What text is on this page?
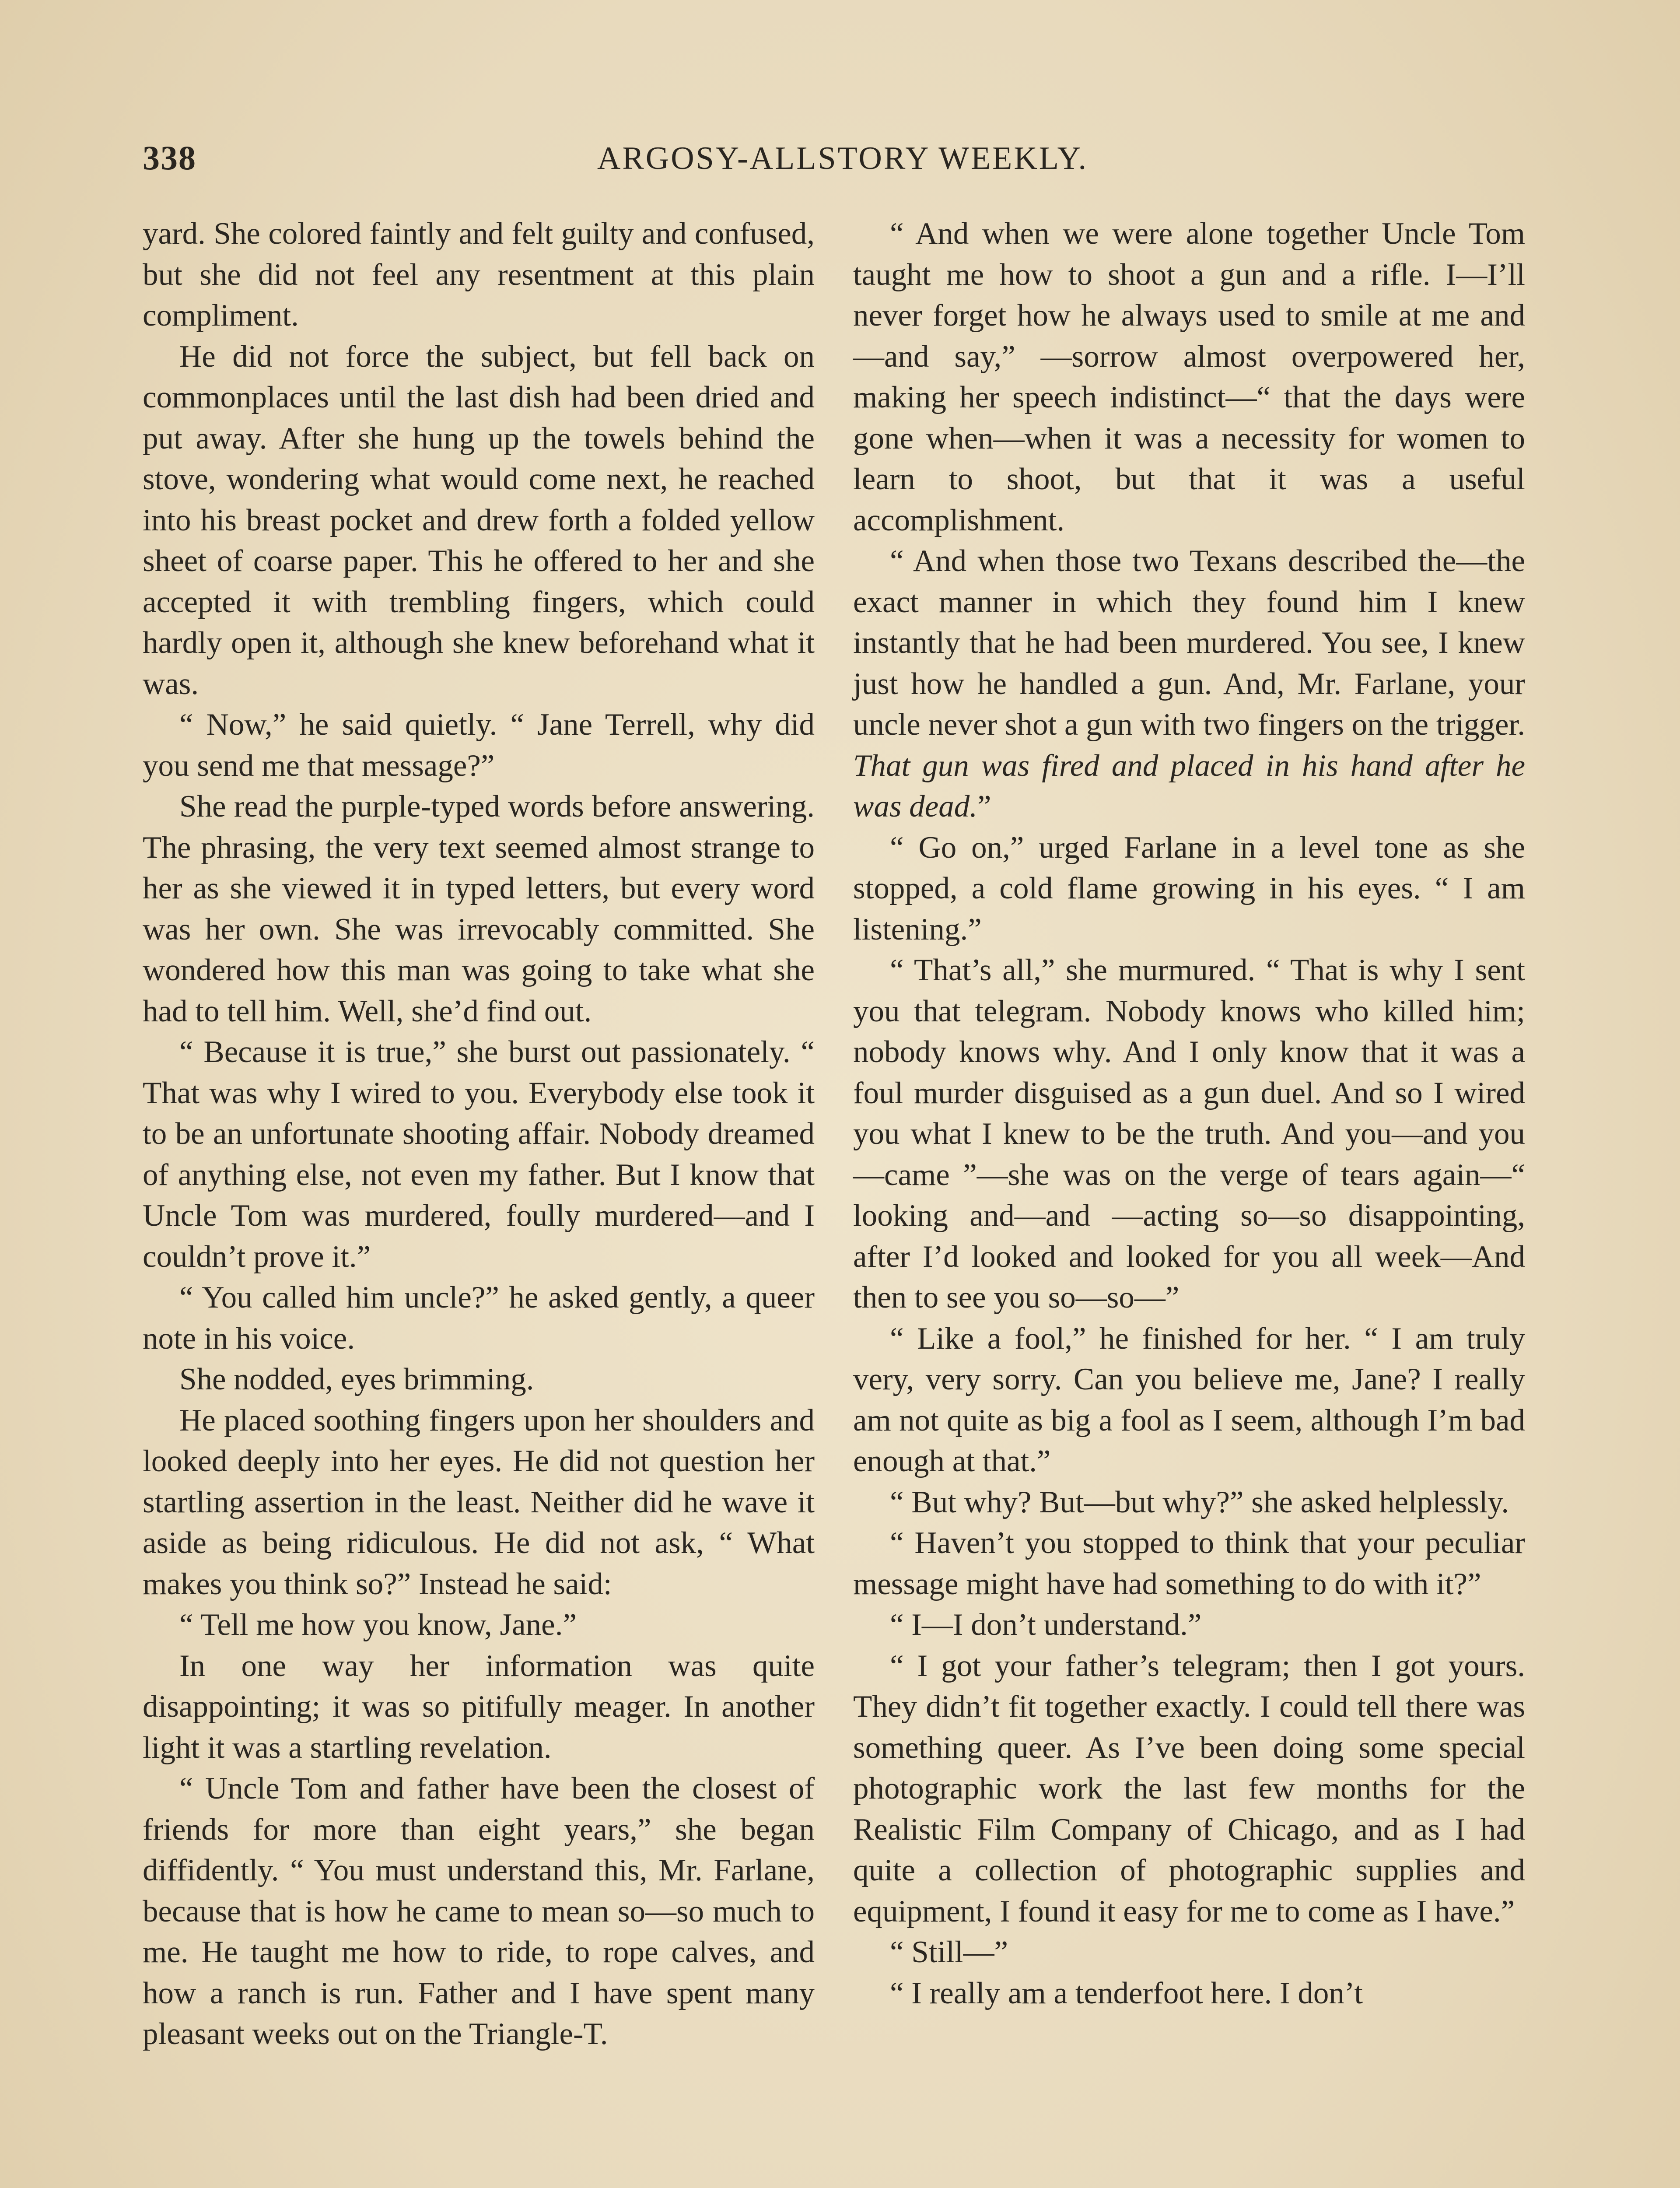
338	ARGOSY-ALLSTORY WEEKLY.

yard. She colored faintly and felt guilty and confused, but she did not feel any resentment at this plain compliment.

He did not force the subject, but fell back on commonplaces until the last dish had been dried and put away. After she hung up the towels behind the stove, wondering what would come next, he reached into his breast pocket and drew forth a folded yellow sheet of coarse paper. This he offered to her and she accepted it with trembling fingers, which could hardly open it, although she knew beforehand what it was.

“ Now,” he said quietly. “ Jane Terrell, why did you send me that message?”

She read the purple-typed words before answering. The phrasing, the very text seemed almost strange to her as she viewed it in typed letters, but every word was her own. She was irrevocably committed. She wondered how this man was going to take what she had to tell him. Well, she’d find out.

“ Because it is true,” she burst out passionately. “ That was why I wired to you. Everybody else took it to be an unfortunate shooting affair. Nobody dreamed of anything else, not even my father. But I know that Uncle Tom was murdered, foully murdered—and I couldn’t prove it.”

“ You called him uncle?” he asked gently, a queer note in his voice.

She nodded, eyes brimming.

He placed soothing fingers upon her shoulders and looked deeply into her eyes. He did not question her startling assertion in the least. Neither did he wave it aside as being ridiculous. He did not ask, “ What makes you think so?” Instead he said:

“ Tell me how you know, Jane.”

In one way her information was quite disappointing; it was so pitifully meager. In another light it was a startling revelation.

“ Uncle Tom and father have been the closest of friends for more than eight years,” she began diffidently. “ You must understand this, Mr. Farlane, because that is how he came to mean so—so much to me. He taught me how to ride, to rope calves, and how a ranch is run. Father and I have spent many pleasant weeks out on the Triangle-T.

“ And when we were alone together Uncle Tom taught me how to shoot a gun and a rifle. I—I’ll never forget how he always used to smile at me and—and say,” —sorrow almost overpowered her, making her speech indistinct—“ that the days were gone when—when it was a necessity for women to learn to shoot, but that it was a useful accomplishment.

“ And when those two Texans described the—the exact manner in which they found him I knew instantly that he had been murdered. You see, I knew just how he handled a gun. And, Mr. Farlane, your uncle never shot a gun with two fingers on the trigger. That gun was fired and placed in his hand after he was dead.”

“ Go on,” urged Farlane in a level tone as she stopped, a cold flame growing in his eyes. “ I am listening.”

“ That’s all,” she murmured. “ That is why I sent you that telegram. Nobody knows who killed him; nobody knows why. And I only know that it was a foul murder disguised as a gun duel. And so I wired you what I knew to be the truth. And you—and you—came ”—she was on the verge of tears again—“ looking and—and —acting so—so disappointing, after I’d looked and looked for you all week—And then to see you so—so—”

“ Like a fool,” he finished for her. “ I am truly very, very sorry. Can you believe me, Jane? I really am not quite as big a fool as I seem, although I’m bad enough at that.”

“ But why? But—but why?” she asked helplessly.

“ Haven’t you stopped to think that your peculiar message might have had something to do with it?”

“ I—I don’t understand.”

“ I got your father’s telegram; then I got yours. They didn’t fit together exactly. I could tell there was something queer. As I’ve been doing some special photographic work the last few months for the Realistic Film Company of Chicago, and as I had quite a collection of photographic supplies and equipment, I found it easy for me to come as I have.”

“ Still—”

“ I really am a tenderfoot here. I don’t
